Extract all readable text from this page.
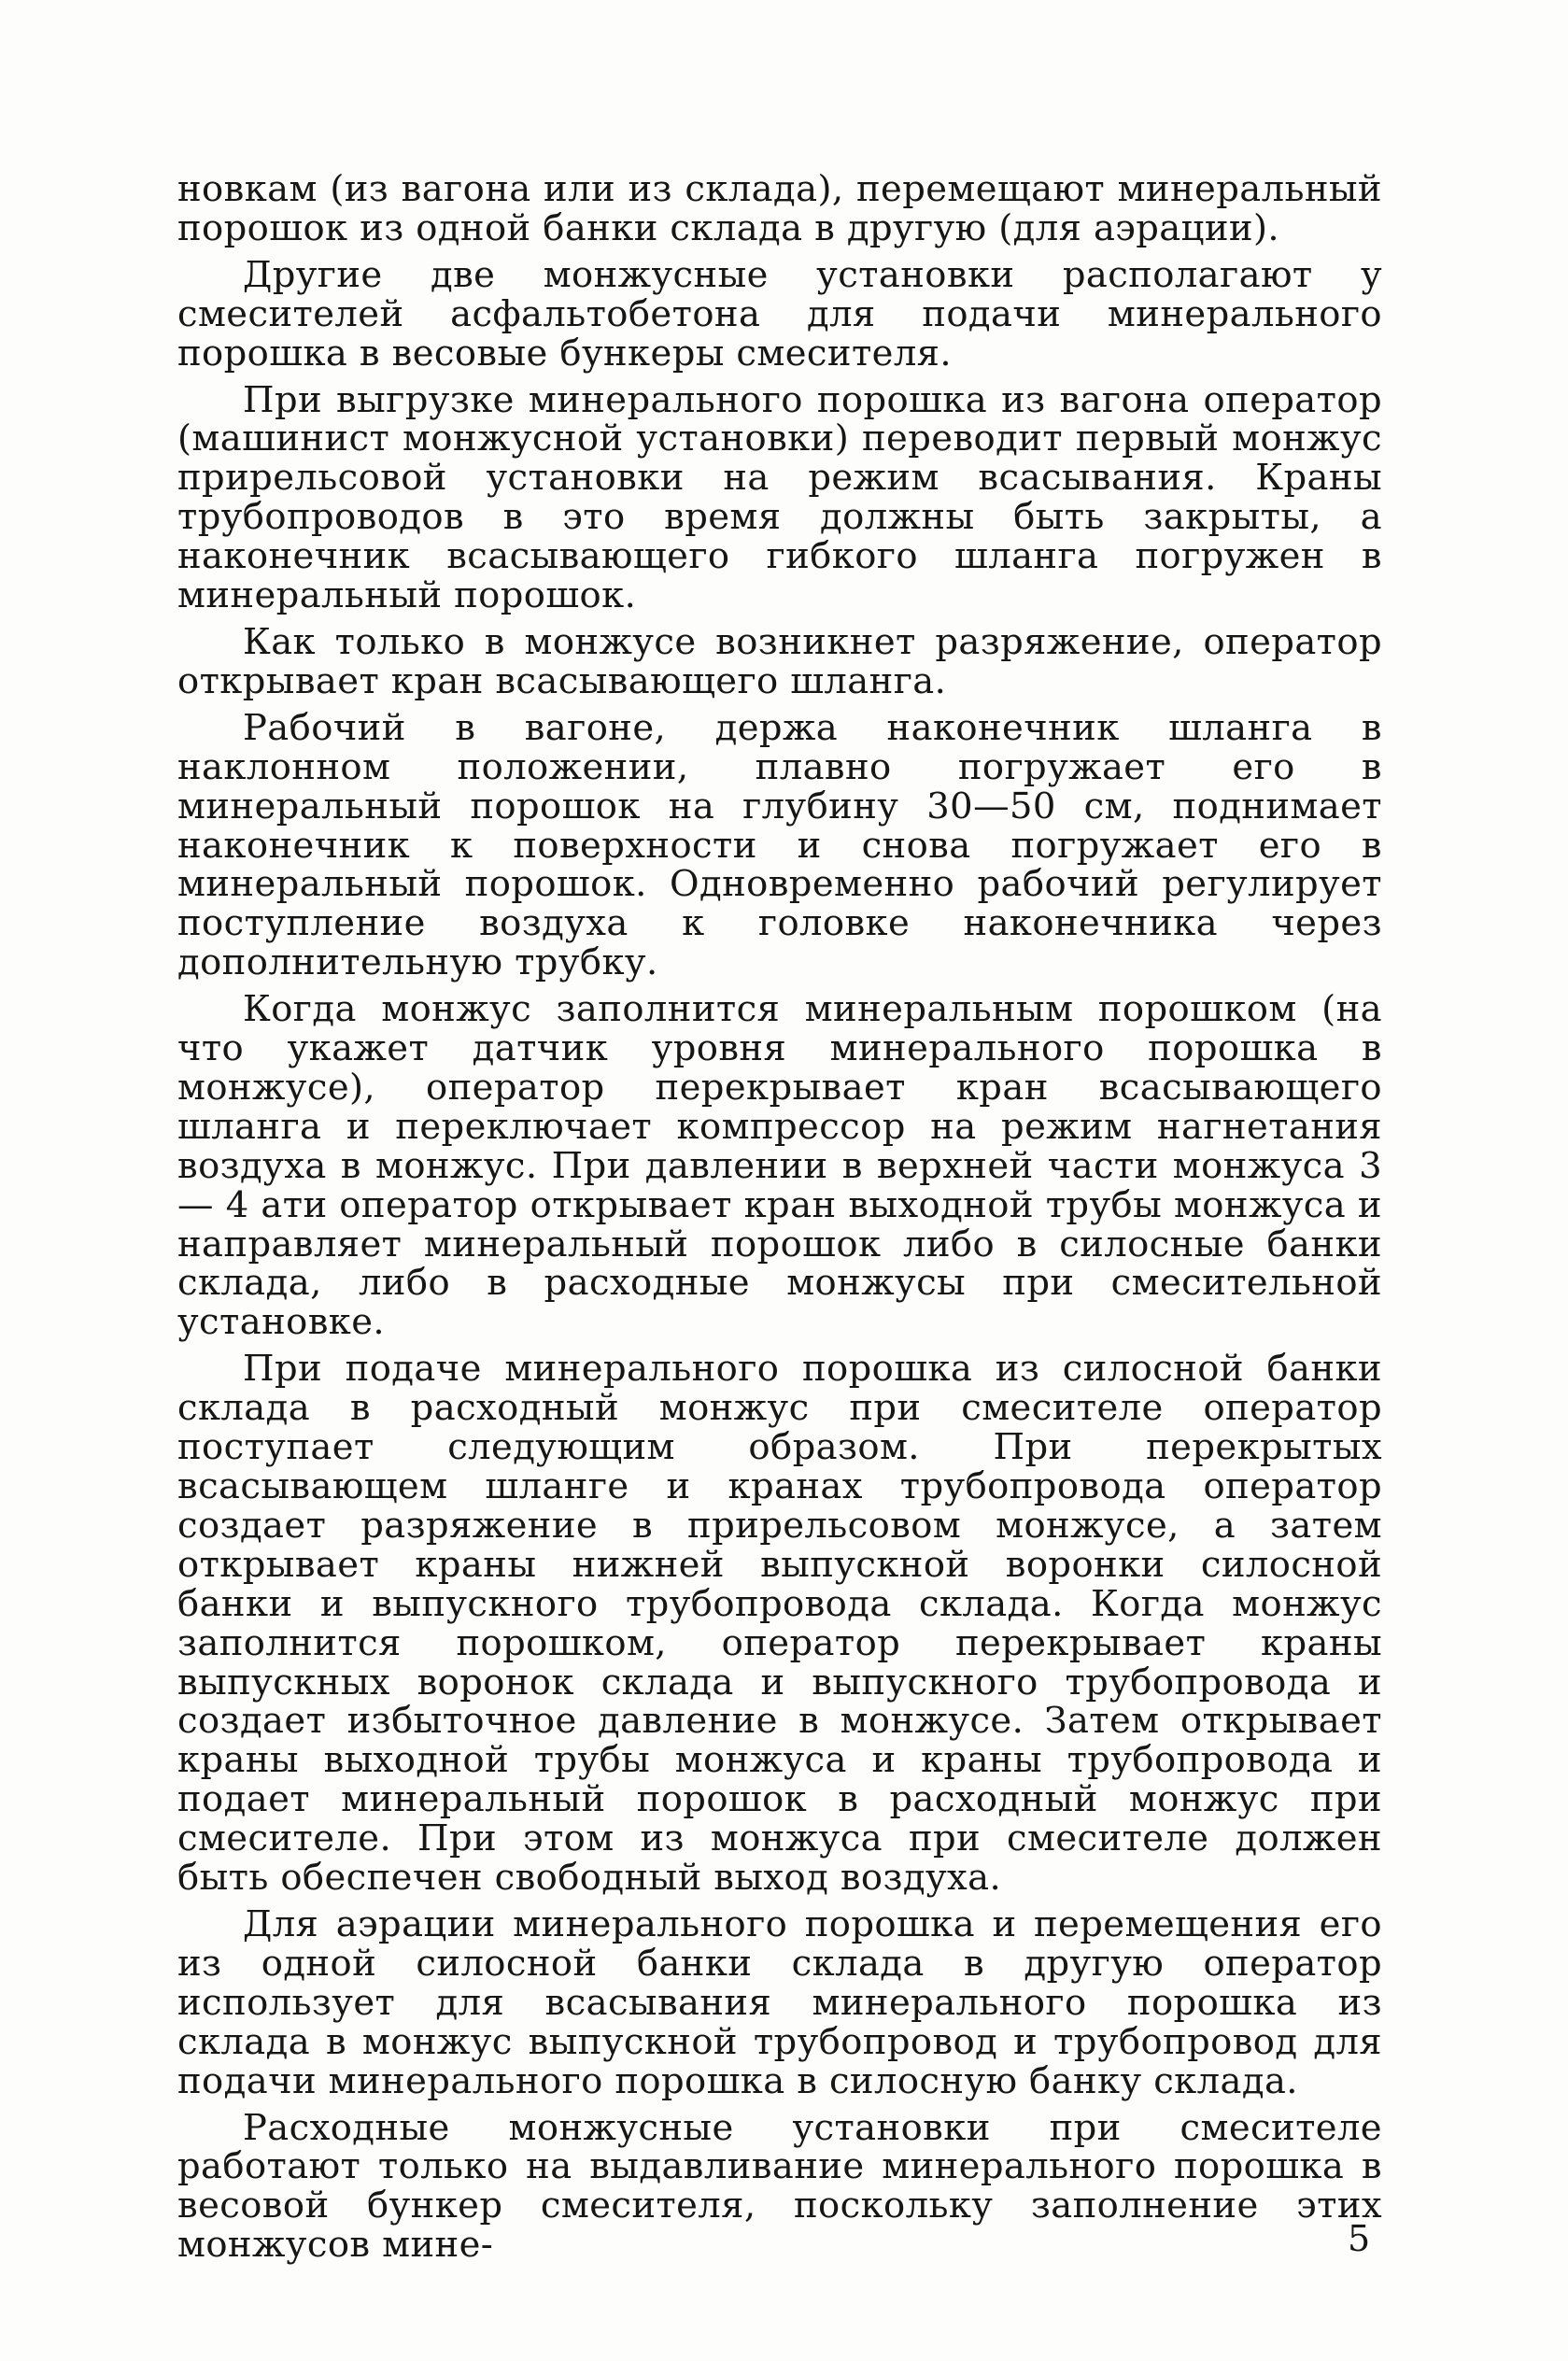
новкам (из вагона или из склада), перемещают минеральный порошок из одной банки склада в другую (для аэрации).

Другие две монжусные установки располагают у смесителей асфальтобетона для подачи минерального порошка в весовые бункеры смесителя.

При выгрузке минерального порошка из вагона оператор (машинист монжусной установки) переводит первый монжус прирельсовой установки на режим всасывания. Краны трубопроводов в это время должны быть закрыты, а наконечник всасывающего гибкого шланга погружен в минеральный порошок.

Как только в монжусе возникнет разряжение, оператор открывает кран всасывающего шланга.

Рабочий в вагоне, держа наконечник шланга в наклонном положении, плавно погружает его в минеральный порошок на глубину 30—50 см, поднимает наконечник к поверхности и снова погружает его в минеральный порошок. Одновременно рабочий регулирует поступление воздуха к головке наконечника через дополнительную трубку.

Когда монжус заполнится минеральным порошком (на что укажет датчик уровня минерального порошка в монжусе), оператор перекрывает кран всасывающего шланга и переключает компрессор на режим нагнетания воздуха в монжус. При давлении в верхней части монжуса 3— 4 ати оператор открывает кран выходной трубы монжуса и направляет минеральный порошок либо в силосные банки склада, либо в расходные монжусы при смесительной установке.

При подаче минерального порошка из силосной банки склада в расходный монжус при смесителе оператор поступает следующим образом. При перекрытых всасывающем шланге и кранах трубопровода оператор создает разряжение в прирельсовом монжусе, а затем открывает краны нижней выпускной воронки силосной банки и выпускного трубопровода склада. Когда монжус заполнится порошком, оператор перекрывает краны выпускных воронок склада и выпускного трубопровода и создает избыточное давление в монжусе. Затем открывает краны выходной трубы монжуса и краны трубопровода и подает минеральный порошок в расходный монжус при смесителе. При этом из монжуса при смесителе должен быть обеспечен свободный выход воздуха.

Для аэрации минерального порошка и перемещения его из одной силосной банки склада в другую оператор использует для всасывания минерального порошка из склада в монжус выпускной трубопровод и трубопровод для подачи минерального порошка в силосную банку склада.

Расходные монжусные установки при смесителе работают только на выдавливание минерального порошка в весовой бункер смесителя, поскольку заполнение этих монжусов мине-	5
